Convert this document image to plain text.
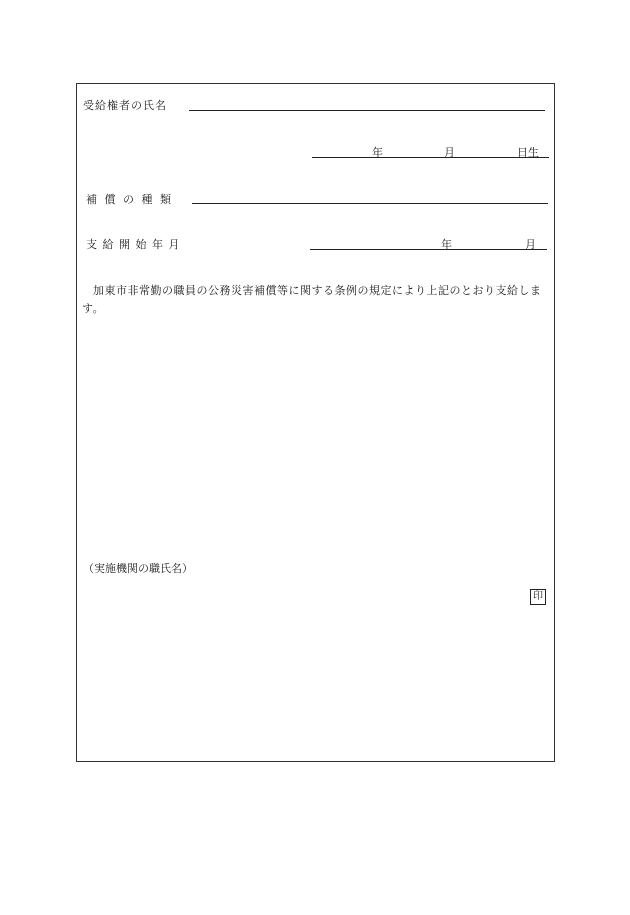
受給権者の氏名
年	月	日生
補 償 の 種 類
支 給 開 始 年 月	年	月
加東市非常勤の職員の公務災害補償等に関する条例の規定により上記のとおり支給します。
（実施機関の職氏名）
印
